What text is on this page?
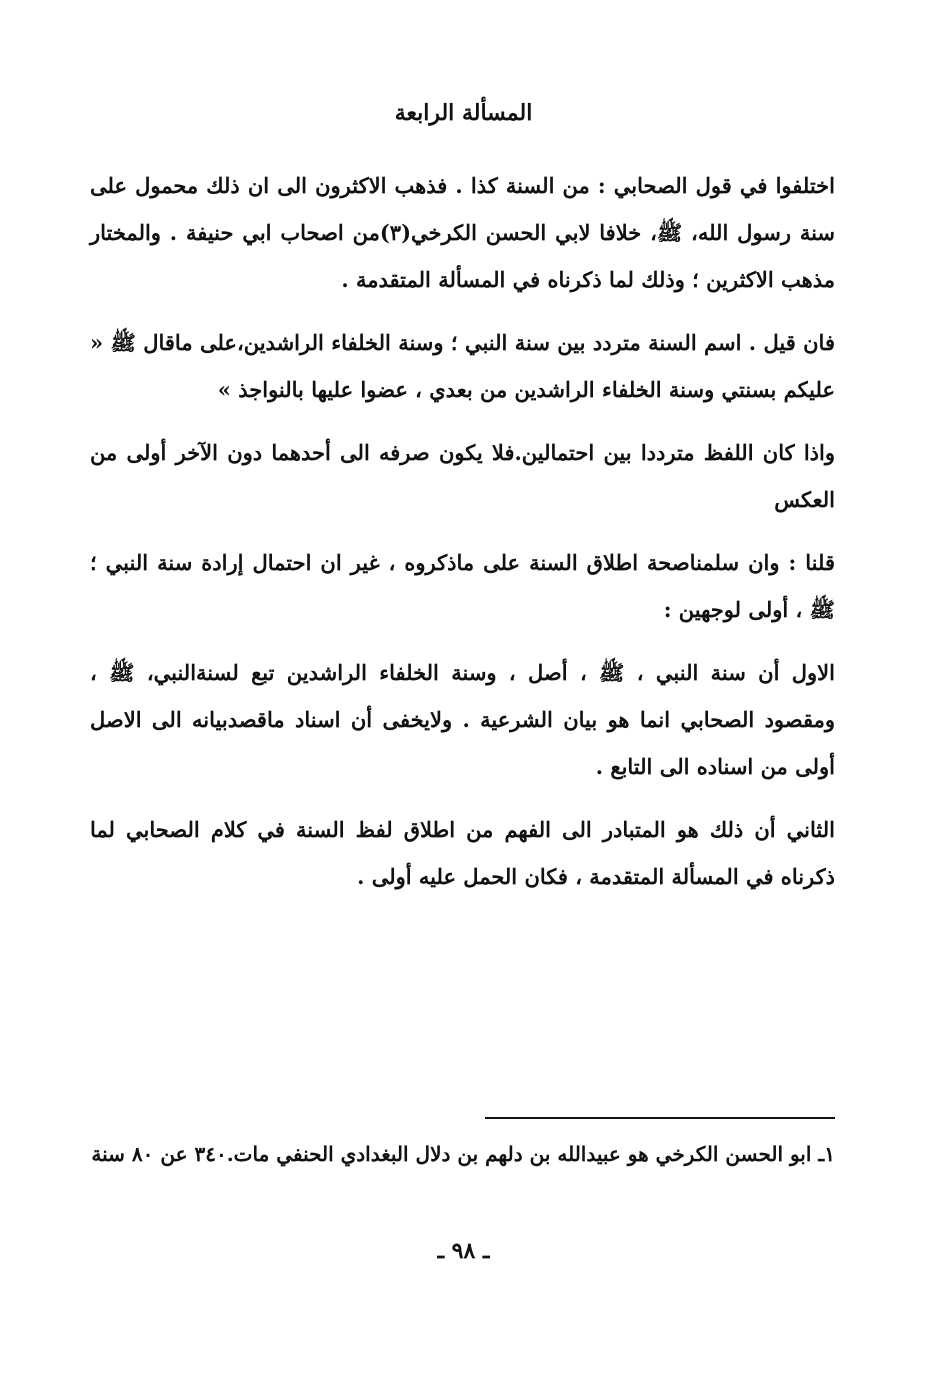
المسألة الرابعة

اختلفوا في قول الصحابي : من السنة كذا . فذهب الاكثرون الى ان ذلك محمول على سنة رسول الله، ﷺ، خلافا لابي الحسن الكرخي(٣)من اصحاب ابي حنيفة . والمختار مذهب الاكثرين ؛ وذلك لما ذكرناه في المسألة المتقدمة .

فان قيل . اسم السنة متردد بين سنة النبي ؛ وسنة الخلفاء الراشدين،على ماقال ﷺ « عليكم بسنتي وسنة الخلفاء الراشدين من بعدي ، عضوا عليها بالنواجذ »

واذا كان اللفظ مترددا بين احتمالين.فلا يكون صرفه الى أحدهما دون الآخر أولى من العكس

قلنا : وان سلمناصحة اطلاق السنة على ماذكروه ، غير ان احتمال إرادة سنة النبي ؛ ﷺ ، أولى لوجهين :

الاول أن سنة النبي ، ﷺ ، أصل ، وسنة الخلفاء الراشدين تبع لسنةالنبي، ﷺ ، ومقصود الصحابي انما هو بيان الشرعية . ولايخفى أن اسناد ماقصدبيانه الى الاصل أولى من اسناده الى التابع .

الثاني أن ذلك هو المتبادر الى الفهم من اطلاق لفظ السنة في كلام الصحابي لما ذكرناه في المسألة المتقدمة ، فكان الحمل عليه أولى .

١ـ ابو الحسن الكرخي هو عبيدالله بن دلهم بن دلال البغدادي الحنفي مات.٣٤٠ عن ٨٠ سنة

ـ ٩٨ ـ
